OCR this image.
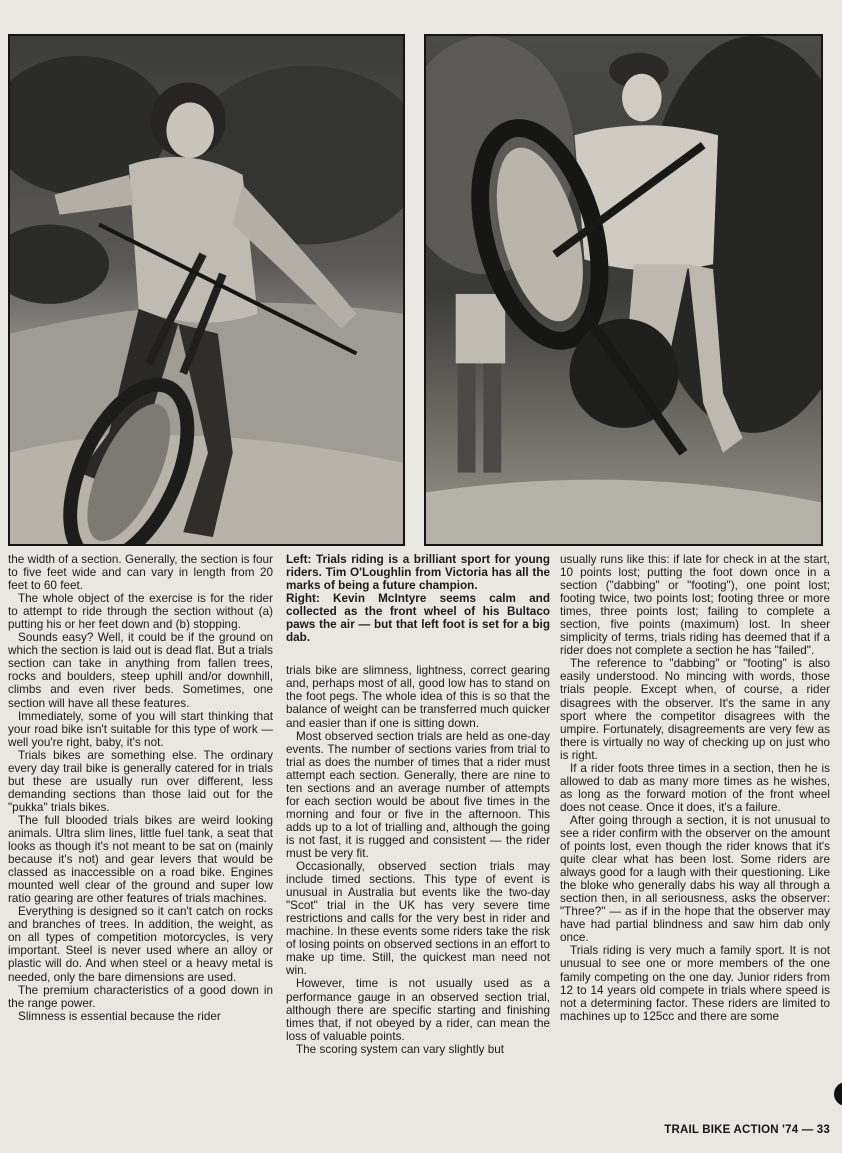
the width of a section. Generally, the section is four to five feet wide and can vary in length from 20 feet to 60 feet.

The whole object of the exercise is for the rider to attempt to ride through the section without (a) putting his or her feet down and (b) stopping.

Sounds easy? Well, it could be if the ground on which the section is laid out is dead flat. But a trials section can take in anything from fallen trees, rocks and boulders, steep uphill and/or downhill, climbs and even river beds. Sometimes, one section will have all these features.

Immediately, some of you will start thinking that your road bike isn't suitable for this type of work — well you're right, baby, it's not.

Trials bikes are something else. The ordinary every day trail bike is generally catered for in trials but these are usually run over different, less demanding sections than those laid out for the "pukka" trials bikes.

The full blooded trials bikes are weird looking animals. Ultra slim lines, little fuel tank, a seat that looks as though it's not meant to be sat on (mainly because it's not) and gear levers that would be classed as inaccessible on a road bike. Engines mounted well clear of the ground and super low ratio gearing are other features of trials machines.

Everything is designed so it can't catch on rocks and branches of trees. In addition, the weight, as on all types of competition motorcycles, is very important. Steel is never used where an alloy or plastic will do. And when steel or a heavy metal is needed, only the bare dimensions are used.

The premium characteristics of a good down in the range power.

Slimness is essential because the rider

Left: Trials riding is a brilliant sport for young riders. Tim O'Loughlin from Victoria has all the marks of being a future champion.

Right: Kevin McIntyre seems calm and collected as the front wheel of his Bultaco paws the air — but that left foot is set for a big dab.

trials bike are slimness, lightness, correct gearing and, perhaps most of all, good low has to stand on the foot pegs. The whole idea of this is so that the balance of weight can be transferred much quicker and easier than if one is sitting down.

Most observed section trials are held as one-day events. The number of sections varies from trial to trial as does the number of times that a rider must attempt each section. Generally, there are nine to ten sections and an average number of attempts for each section would be about five times in the morning and four or five in the afternoon. This adds up to a lot of trialling and, although the going is not fast, it is rugged and consistent — the rider must be very fit.

Occasionally, observed section trials may include timed sections. This type of event is unusual in Australia but events like the two-day "Scot" trial in the UK has very severe time restrictions and calls for the very best in rider and machine. In these events some riders take the risk of losing points on observed sections in an effort to make up time. Still, the quickest man need not win.

However, time is not usually used as a performance gauge in an observed section trial, although there are specific starting and finishing times that, if not obeyed by a rider, can mean the loss of valuable points.

The scoring system can vary slightly but

usually runs like this: if late for check in at the start, 10 points lost; putting the foot down once in a section ("dabbing" or "footing"), one point lost; footing twice, two points lost; footing three or more times, three points lost; failing to complete a section, five points (maximum) lost. In sheer simplicity of terms, trials riding has deemed that if a rider does not complete a section he has "failed".

The reference to "dabbing" or "footing" is also easily understood. No mincing with words, those trials people. Except when, of course, a rider disagrees with the observer. It's the same in any sport where the competitor disagrees with the umpire. Fortunately, disagreements are very few as there is virtually no way of checking up on just who is right.

If a rider foots three times in a section, then he is allowed to dab as many more times as he wishes, as long as the forward motion of the front wheel does not cease. Once it does, it's a failure.

After going through a section, it is not unusual to see a rider confirm with the observer on the amount of points lost, even though the rider knows that it's quite clear what has been lost. Some riders are always good for a laugh with their questioning. Like the bloke who generally dabs his way all through a section then, in all seriousness, asks the observer: "Three?" — as if in the hope that the observer may have had partial blindness and saw him dab only once.

Trials riding is very much a family sport. It is not unusual to see one or more members of the one family competing on the one day. Junior riders from 12 to 14 years old compete in trials where speed is not a determining factor. These riders are limited to machines up to 125cc and there are some

TRAIL BIKE ACTION '74 — 33
